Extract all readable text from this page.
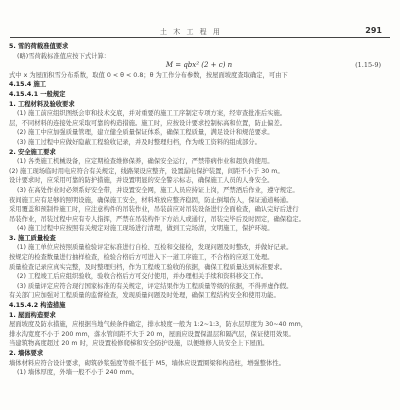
土 木 工 程 用	291
5. 雪的荷载准值要求
(略)雪荷载标准值应按下式计算：
M = qbx² (2 + c) n	(1.15-9)
式中 x 为屋面积雪分布系数，取值 0 < θ < 0.8；θ 为工作分布参数，按屋面坡度查取确定，可由下
4.15.4 施工
4.15.4.1 一般规定
1. 工程材料及验收要求
(1) 施工前应组织图纸会审和技术交底，并对重要的施工工序制定专项方案，经审查批准后实施。
层，不同材料的连接处应采取可靠的构造措施。施工时，应按设计要求控制标高和位置，防止偏差。
(2) 施工中应加强质量管理，建立健全质量保证体系，确保工程质量，满足设计和规范要求。
(3) 施工过程中应做好隐蔽工程验收记录，并及时整理归档，作为竣工资料的组成部分。
2. 安全施工要求
(1) 各类施工机械设备，应定期检查维修保养，确保安全运行，严禁带病作业和超负荷使用。
(2) 施工现场临时用电应符合有关规定，线路架设应整齐，设置漏电保护装置，间距不小于 30 m。
设计要求时，应采用可靠的防护措施，并设置明显的安全警示标志，确保施工人员的人身安全。
(3) 在高处作业时必须系好安全带，并设置安全网，施工人员应持证上岗，严禁酒后作业，遵守规定。
夜间施工应有足够的照明设施，确保施工安全，材料堆放应整齐稳固，防止倒塌伤人，保证通道畅通。
采用覆盖和预制件施工时，应注意构件的吊装作业，吊装前应对吊装设备进行全面检查，确认完好后进行
吊装作业，吊装过程中应有专人指挥，严禁在吊装构件下方站人或通行，吊装完毕后及时固定，确保稳定。
(4) 施工过程中应按照有关规定对施工现场进行清理，做到工完场清，文明施工，保护环境。
3. 施工质量检查
(1) 施工单位应按照质量检验评定标准进行自检、互检和交接检，发现问题及时整改，并做好记录。
按规定的检查数量进行抽样检查，检验合格后方可进入下一道工序施工，不合格的应返工处理。
质量检查记录应真实完整，及时整理归档，作为工程竣工验收的依据，确保工程质量达到标准要求。
(2) 工程竣工后应组织验收，验收合格后方可交付使用，并办理相关手续和资料移交工作。
(3) 质量评定应符合现行国家标准的有关规定，评定结果作为工程质量等级的依据，不得弄虚作假。
有关部门应加强对工程质量的监督检查，发现质量问题及时处理，确保工程结构安全和使用功能。
4.15.4.2 构造措施
1. 屋面构造要求
屋面坡度及防水措施，应根据当地气候条件确定，排水坡度一般为 1:2~1:3，防水层厚度为 30~40 mm，
排水沟宽度不小于 200 mm，落水管间距不大于 20 m，屋面应设置保温层和隔汽层，保证使用效果。
当建筑物高度超过 20 m 时，应设置检修爬梯和安全防护设施，以便维修人员安全上下屋面。
2. 墙体要求
墙体材料应符合设计要求，砌筑砂浆强度等级不低于 M5，墙体应设置圈梁和构造柱，增强整体性。
(1) 墙体厚度，外墙一般不小于 240 mm。
